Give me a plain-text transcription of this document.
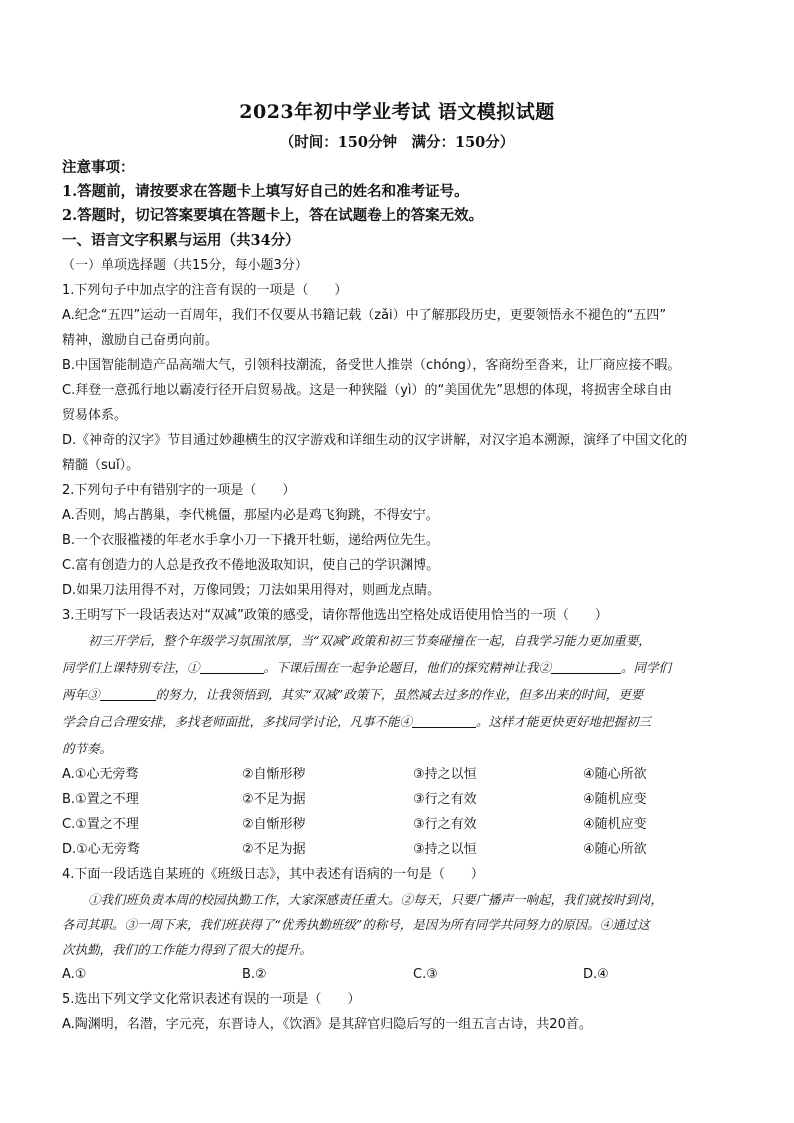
2023年初中学业考试 语文模拟试题
（时间：150分钟　满分：150分）
注意事项：
1.答题前，请按要求在答题卡上填写好自己的姓名和准考证号。
2.答题时，切记答案要填在答题卡上，答在试题卷上的答案无效。
一、语言文字积累与运用（共34分）
（一）单项选择题（共15分，每小题3分）
1.下列句子中加点字的注音有误的一项是（　　）
A.纪念“五四”运动一百周年，我们不仅要从书籍记载（zǎi）中了解那段历史，更要领悟永不褪色的“五四”
精神，激励自己奋勇向前。
B.中国智能制造产品高端大气，引领科技潮流，备受世人推崇（chóng），客商纷至沓来，让厂商应接不暇。
C.拜登一意孤行地以霸凌行径开启贸易战。这是一种狭隘（yì）的“美国优先”思想的体现，将损害全球自由
贸易体系。
D.《神奇的汉字》节目通过妙趣横生的汉字游戏和详细生动的汉字讲解，对汉字追本溯源，演绎了中国文化的
精髓（suǐ）。
2.下列句子中有错别字的一项是（　　）
A.否则，鸠占鹊巢，李代桃僵，那屋内必是鸡飞狗跳，不得安宁。
B.一个衣服褴褛的年老水手拿小刀一下撬开牡蛎，递给两位先生。
C.富有创造力的人总是孜孜不倦地汲取知识，使自己的学识渊博。
D.如果刀法用得不对，万像同毁；刀法如果用得对，则画龙点睛。
3.王明写下一段话表达对“双减”政策的感受，请你帮他选出空格处成语使用恰当的一项（　　）
初三开学后，整个年级学习氛围浓厚，当“双减”政策和初三节奏碰撞在一起，自我学习能力更加重要，
同学们上课特别专注，①	。下课后围在一起争论题目，他们的探究精神让我②	。同学们
两年③	的努力，让我领悟到，其实“双减”政策下，虽然减去过多的作业，但多出来的时间，更要
学会自己合理安排，多找老师面批，多找同学讨论，凡事不能④	。这样才能更快更好地把握初三
的节奏。
A.①心无旁骛	②自惭形秽	③持之以恒	④随心所欲
B.①置之不理	②不足为据	③行之有效	④随机应变
C.①置之不理	②自惭形秽	③行之有效	④随机应变
D.①心无旁骛	②不足为据	③持之以恒	④随心所欲
4.下面一段话选自某班的《班级日志》，其中表述有语病的一句是（　　）
①我们班负责本周的校园执勤工作，大家深感责任重大。②每天，只要广播声一响起，我们就按时到岗，
各司其职。③一周下来，我们班获得了“优秀执勤班级”的称号，是因为所有同学共同努力的原因。④通过这
次执勤，我们的工作能力得到了很大的提升。
A.①	B.②	C.③	D.④
5.选出下列文学文化常识表述有误的一项是（　　）
A.陶渊明，名潜，字元亮，东晋诗人，《饮酒》是其辞官归隐后写的一组五言古诗，共20首。
